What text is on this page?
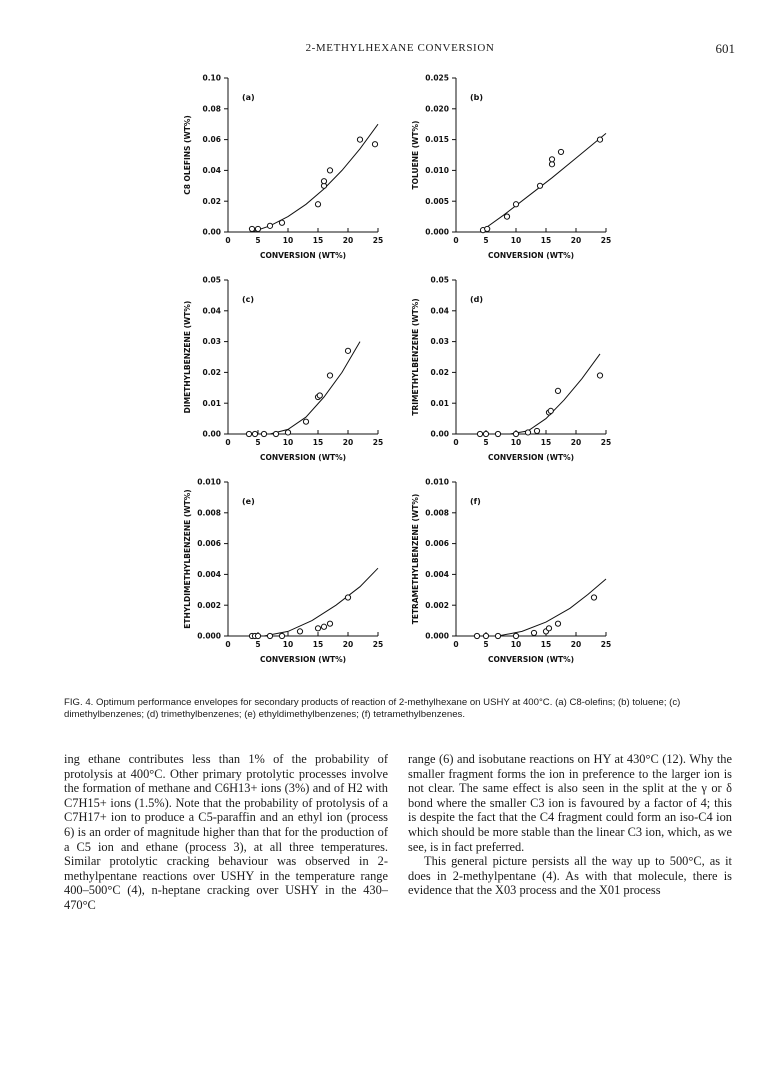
2-METHYLHEXANE CONVERSION	601
0.00
0.02
0.04
0.06
0.08
0.10
0	5	10	15	20	25
CONVERSION (WT%)
C8 OLEFINS (WT%)
(a)
0.000
0.005
0.010
0.015
0.020
0.025
0	5	10	15	20	25
CONVERSION (WT%)
TOLUENE (WT%)
(b)
0.00
0.01
0.02
0.03
0.04
0.05
0	5	10	15	20	25
CONVERSION (WT%)
DIMETHYLBENZENE (WT%)
(c)
0.00
0.01
0.02
0.03
0.04
0.05
0	5	10	15	20	25
CONVERSION (WT%)
TRIMETHYLBENZENE (WT%)	(d)
0.000
0.002
0.004
0.006
0.008
0.010
0	5	10	15	20	25
CONVERSION (WT%)
ETHYLDIMETHYLBENZENE (WT%)	(e)
0.000
0.002
0.004
0.006
0.008
0.010
0	5	10	15	20	25
CONVERSION (WT%)
TETRAMETHYLBENZENE (WT%)	(f)
FIG. 4. Optimum performance envelopes for secondary products of reaction of 2-methylhexane on USHY at 400°C. (a) C8-olefins; (b) toluene; (c) dimethylbenzenes; (d) trimethylbenzenes; (e) ethyldimethylbenzenes; (f) tetramethylbenzenes.

ing ethane contributes less than 1% of the probability of protolysis at 400°C. Other primary protolytic processes involve the formation of methane and C6H13+ ions (3%) and of H2 with C7H15+ ions (1.5%). Note that the probability of protolysis of a C7H17+ ion to produce a C5-paraffin and an ethyl ion (process 6) is an order of magnitude higher than that for the production of a C5 ion and ethane (process 3), at all three temperatures. Similar protolytic cracking behaviour was observed in 2-methylpentane reactions over USHY in the temperature range 400–500°C (4), n-heptane cracking over USHY in the 430–470°C

range (6) and isobutane reactions on HY at 430°C (12). Why the smaller fragment forms the ion in preference to the larger ion is not clear. The same effect is also seen in the split at the γ or δ bond where the smaller C3 ion is favoured by a factor of 4; this is despite the fact that the C4 fragment could form an iso-C4 ion which should be more stable than the linear C3 ion, which, as we see, is in fact preferred.

This general picture persists all the way up to 500°C, as it does in 2-methylpentane (4). As with that molecule, there is evidence that the X03 process and the X01 process
